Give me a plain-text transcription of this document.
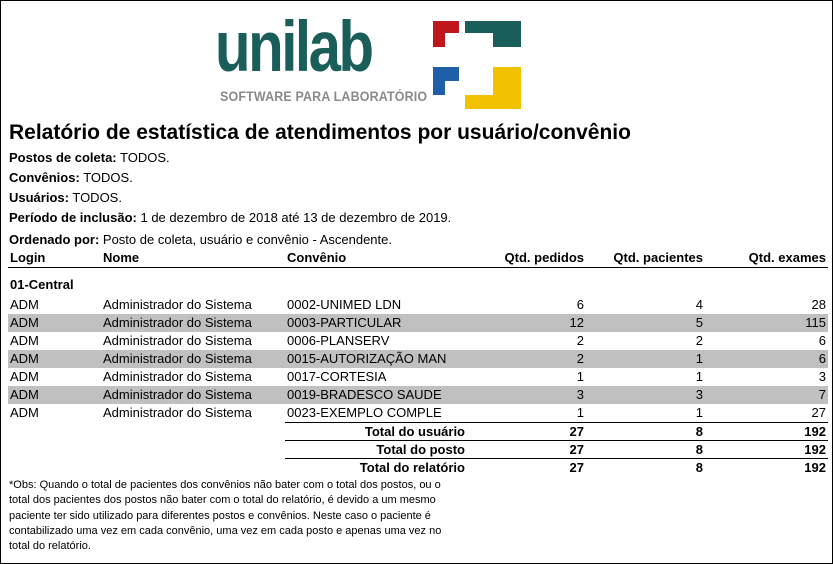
unilab
SOFTWARE PARA LABORATÓRIO
Relatório de estatística de atendimentos por usuário/convênio
Postos de coleta: TODOS.
Convênios: TODOS.
Usuários: TODOS.
Período de inclusão: 1 de dezembro de 2018 até 13 de dezembro de 2019.
Ordenado por: Posto de coleta, usuário e convênio - Ascendente.
Login	Nome	Convênio	Qtd. pedidos	Qtd. pacientes	Qtd. exames
01-Central					
ADM	Administrador do Sistema	0002-UNIMED LDN	6	4	28
ADM	Administrador do Sistema	0003-PARTICULAR	12	5	115
ADM	Administrador do Sistema	0006-PLANSERV	2	2	6
ADM	Administrador do Sistema	0015-AUTORIZAÇÃO MAN	2	1	6
ADM	Administrador do Sistema	0017-CORTESIA	1	1	3
ADM	Administrador do Sistema	0019-BRADESCO SAUDE	3	3	7
ADM	Administrador do Sistema	0023-EXEMPLO COMPLE	1	1	27
		Total do usuário	27	8	192
		Total do posto	27	8	192
		Total do relatório	27	8	192
*Obs: Quando o total de pacientes dos convênios não bater com o total dos postos, ou o total dos pacientes dos postos não bater com o total do relatório, é devido a um mesmo paciente ter sido utilizado para diferentes postos e convênios. Neste caso o paciente é contabilizado uma vez em cada convênio, uma vez em cada posto e apenas uma vez no total do relatório.
